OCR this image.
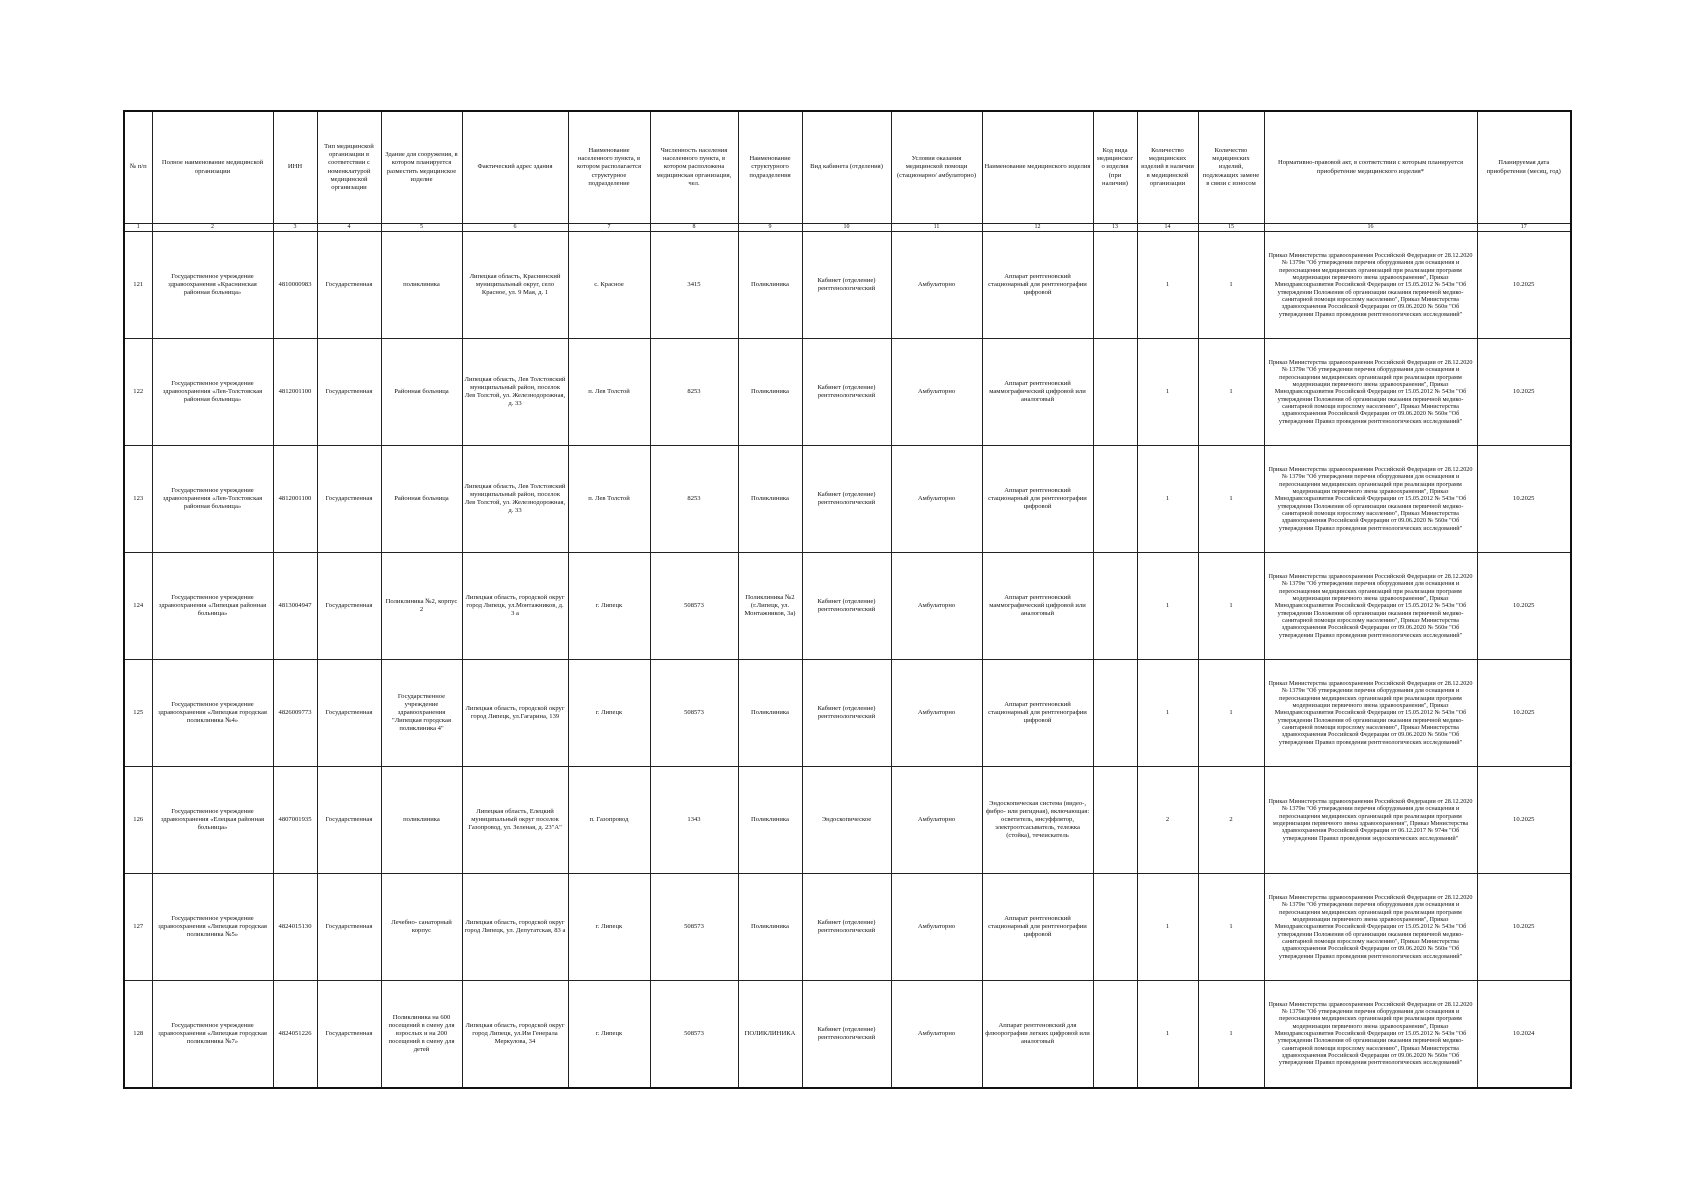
№ п/п	Полное наименование медицинской организации	ИНН	Тип медицинской организации в соответствии с номенклатурой медицинской организации	Здание для сооружения, в котором планируется разместить медицинское изделие	Фактический адрес здания	Наименование населенного пункта, в котором располагается структурное подразделение	Численность населения населенного пункта, в котором расположена медицинская организация, чел.	Наименование структурного подразделения	Вид кабинета (отделения)	Условия оказания медицинской помощи (стационарно/ амбулаторно)	Наименование медицинского изделия	Код вида медицинского изделия (при наличии)	Количество медицинских изделий в наличии в медицинской организации	Количество медицинских изделий, подлежащих замене в связи с износом	Нормативно-правовой акт, в соответствии с которым планируется приобретение медицинского изделия*	Планируемая дата приобретения (месяц, год)
1	2	3	4	5	6	7	8	9	10	11	12	13	14	15	16	17
121	Государственное учреждение здравоохранения «Краснинская районная больница»	4810000983	Государственная	поликлиника	Липецкая область, Краснинский муниципальный округ, село Красное, ул. 9 Мая, д. 1	с. Красное	3415	Поликлиника	Кабинет (отделение) рентгенологический	Амбулаторно	Аппарат рентгеновский стационарный для рентгенографии цифровой		1	1	Приказ Министерства здравоохранения Российской Федерации от 28.12.2020 № 1379н "Об утверждении перечня оборудования для оснащения и переоснащения медицинских организаций при реализации программ модернизации первичного звена здравоохранения", Приказ Минздравсоцразвития Российской Федерации от 15.05.2012 № 543н "Об утверждении Положения об организации оказания первичной медико-санитарной помощи взрослому населению", Приказ Министерства здравоохранения Российской Федерации от 09.06.2020 № 560н "Об утверждении Правил проведения рентгенологических исследований"	10.2025
122	Государственное учреждение здравоохранения «Лев-Толстовская районная больница»	4812001100	Государственная	Районная больница	Липецкая область, Лев Толстовский муниципальный район, поселок Лев Толстой, ул. Железнодорожная, д. 33	п. Лев Толстой	8253	Поликлиника	Кабинет (отделение) рентгенологический	Амбулаторно	Аппарат рентгеновский маммографический цифровой или аналоговый		1	1	Приказ Министерства здравоохранения Российской Федерации от 28.12.2020 № 1379н "Об утверждении перечня оборудования для оснащения и переоснащения медицинских организаций при реализации программ модернизации первичного звена здравоохранения", Приказ Минздравсоцразвития Российской Федерации от 15.05.2012 № 543н "Об утверждении Положения об организации оказания первичной медико-санитарной помощи взрослому населению", Приказ Министерства здравоохранения Российской Федерации от 09.06.2020 № 560н "Об утверждении Правил проведения рентгенологических исследований"	10.2025
123	Государственное учреждение здравоохранения «Лев-Толстовская районная больница»	4812001100	Государственная	Районная больница	Липецкая область, Лев Толстовский муниципальный район, поселок Лев Толстой, ул. Железнодорожная, д. 33	п. Лев Толстой	8253	Поликлиника	Кабинет (отделение) рентгенологический	Амбулаторно	Аппарат рентгеновский стационарный для рентгенографии цифровой		1	1	Приказ Министерства здравоохранения Российской Федерации от 28.12.2020 № 1379н "Об утверждении перечня оборудования для оснащения и переоснащения медицинских организаций при реализации программ модернизации первичного звена здравоохранения", Приказ Минздравсоцразвития Российской Федерации от 15.05.2012 № 543н "Об утверждении Положения об организации оказания первичной медико-санитарной помощи взрослому населению", Приказ Министерства здравоохранения Российской Федерации от 09.06.2020 № 560н "Об утверждении Правил проведения рентгенологических исследований"	10.2025
124	Государственное учреждение здравоохранения «Липецкая районная больница»	4813004947	Государственная	Поликлиника №2, корпус 2	Липецкая область, городской округ город Липецк, ул.Монтажников, д. 3 а	г. Липецк	508573	Поликлиника №2 (г.Липецк, ул. Монтажников, 3а)	Кабинет (отделение) рентгенологический	Амбулаторно	Аппарат рентгеновский маммографический цифровой или аналоговый		1	1	Приказ Министерства здравоохранения Российской Федерации от 28.12.2020 № 1379н "Об утверждении перечня оборудования для оснащения и переоснащения медицинских организаций при реализации программ модернизации первичного звена здравоохранения", Приказ Минздравсоцразвития Российской Федерации от 15.05.2012 № 543н "Об утверждении Положения об организации оказания первичной медико-санитарной помощи взрослому населению", Приказ Министерства здравоохранения Российской Федерации от 09.06.2020 № 560н "Об утверждении Правил проведения рентгенологических исследований"	10.2025
125	Государственное учреждение здравоохранения «Липецкая городская поликлиника №4»	4826009773	Государственная	Государственное учреждение здравоохранения "Липецкая городская поликлиника 4"	Липецкая область, городской округ город Липецк, ул.Гагарина, 139	г. Липецк	508573	Поликлиника	Кабинет (отделение) рентгенологический	Амбулаторно	Аппарат рентгеновский стационарный для рентгенографии цифровой		1	1	Приказ Министерства здравоохранения Российской Федерации от 28.12.2020 № 1379н "Об утверждении перечня оборудования для оснащения и переоснащения медицинских организаций при реализации программ модернизации первичного звена здравоохранения", Приказ Минздравсоцразвития Российской Федерации от 15.05.2012 № 543н "Об утверждении Положения об организации оказания первичной медико-санитарной помощи взрослому населению", Приказ Министерства здравоохранения Российской Федерации от 09.06.2020 № 560н "Об утверждении Правил проведения рентгенологических исследований"	10.2025
126	Государственное учреждение здравоохранения «Елецкая районная больница»	4807001935	Государственная	поликлиника	Липецкая область, Елецкий муниципальный округ поселок Газопровод, ул. Зеленая, д. 23"А"	п. Газопровод	1343	Поликлиника	Эндоскопическое	Амбулаторно	Эндоскопическая система (видео-, фибро- или ригидная), включающая: осветитель, инсуффлятор, электроотсасыватель, тележка (стойка), течеискатель		2	2	Приказ Министерства здравоохранения Российской Федерации от 28.12.2020 № 1379н "Об утверждении перечня оборудования для оснащения и переоснащения медицинских организаций при реализации программ модернизации первичного звена здравоохранения", Приказ Министерства здравоохранения Российской Федерации от 06.12.2017 № 974н "Об утверждении Правил проведения эндоскопических исследований"	10.2025
127	Государственное учреждение здравоохранения «Липецкая городская поликлиника №5»	4824015130	Государственная	Лечебно- санаторный корпус	Липецкая область, городской округ город Липецк, ул. Депутатская, 83 а	г. Липецк	508573	Поликлиника	Кабинет (отделение) рентгенологический	Амбулаторно	Аппарат рентгеновский стационарный для рентгенографии цифровой		1	1	Приказ Министерства здравоохранения Российской Федерации от 28.12.2020 № 1379н "Об утверждении перечня оборудования для оснащения и переоснащения медицинских организаций при реализации программ модернизации первичного звена здравоохранения", Приказ Минздравсоцразвития Российской Федерации от 15.05.2012 № 543н "Об утверждении Положения об организации оказания первичной медико-санитарной помощи взрослому населению", Приказ Министерства здравоохранения Российской Федерации от 09.06.2020 № 560н "Об утверждении Правил проведения рентгенологических исследований"	10.2025
128	Государственное учреждение здравоохранения «Липецкая городская поликлиника №7»	4824051226	Государственная	Поликлиника на 600 посещений в смену для взрослых и на 200 посещений в смену для детей	Липецкая область, городской округ город Липецк, ул.Им Генерала Меркулова, 34	г. Липецк	508573	ПОЛИКЛИНИКА	Кабинет (отделение) рентгенологический	Амбулаторно	Аппарат рентгеновский для флюорографии легких цифровой или аналоговый		1	1	Приказ Министерства здравоохранения Российской Федерации от 28.12.2020 № 1379н "Об утверждении перечня оборудования для оснащения и переоснащения медицинских организаций при реализации программ модернизации первичного звена здравоохранения", Приказ Минздравсоцразвития Российской Федерации от 15.05.2012 № 543н "Об утверждении Положения об организации оказания первичной медико-санитарной помощи взрослому населению", Приказ Министерства здравоохранения Российской Федерации от 09.06.2020 № 560н "Об утверждении Правил проведения рентгенологических исследований"	10.2024
